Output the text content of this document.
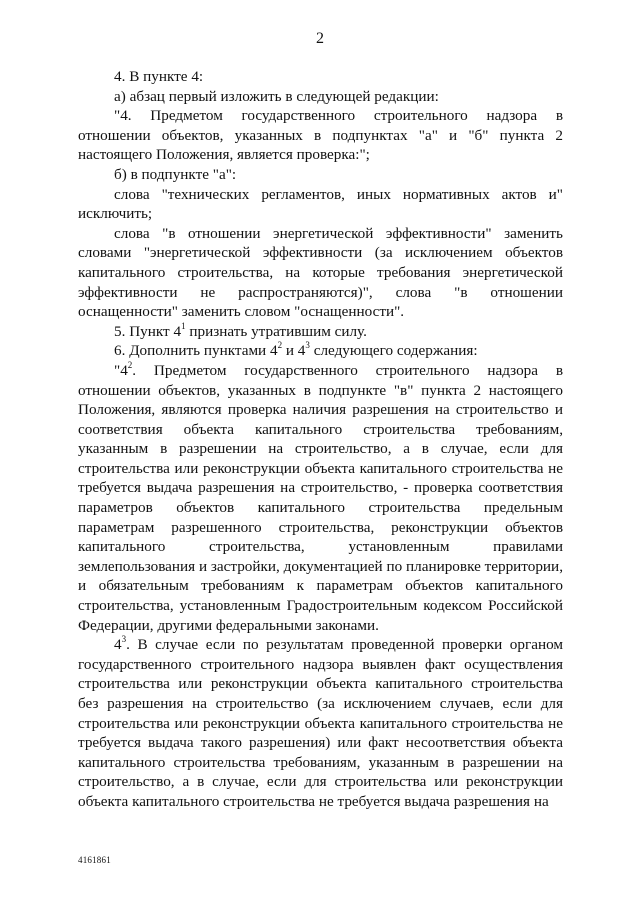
2

4. В пункте 4:

а) абзац первый изложить в следующей редакции:

"4. Предметом государственного строительного надзора в отношении объектов, указанных в подпунктах "а" и "б" пункта 2 настоящего Положения, является проверка:";

б) в подпункте "а":

слова "технических регламентов, иных нормативных актов и" исключить;

слова "в отношении энергетической эффективности" заменить словами "энергетической эффективности (за исключением объектов капитального строительства, на которые требования энергетической эффективности не распространяются)", слова "в отношении оснащенности" заменить словом "оснащенности".

5. Пункт $4^1$ признать утратившим силу.

6. Дополнить пунктами $4^2$ и $4^3$ следующего содержания:

"$4^2$. Предметом государственного строительного надзора в отношении объектов, указанных в подпункте "в" пункта 2 настоящего Положения, являются проверка наличия разрешения на строительство и соответствия объекта капитального строительства требованиям, указанным в разрешении на строительство, а в случае, если для строительства или реконструкции объекта капитального строительства не требуется выдача разрешения на строительство, - проверка соответствия параметров объектов капитального строительства предельным параметрам разрешенного строительства, реконструкции объектов капитального строительства, установленным правилами землепользования и застройки, документацией по планировке территории, и обязательным требованиям к параметрам объектов капитального строительства, установленным Градостроительным кодексом Российской Федерации, другими федеральными законами.

$4^3$. В случае если по результатам проведенной проверки органом государственного строительного надзора выявлен факт осуществления строительства или реконструкции объекта капитального строительства без разрешения на строительство (за исключением случаев, если для строительства или реконструкции объекта капитального строительства не требуется выдача такого разрешения) или факт несоответствия объекта капитального строительства требованиям, указанным в разрешении на строительство, а в случае, если для строительства или реконструкции объекта капитального строительства не требуется выдача разрешения на

4161861
